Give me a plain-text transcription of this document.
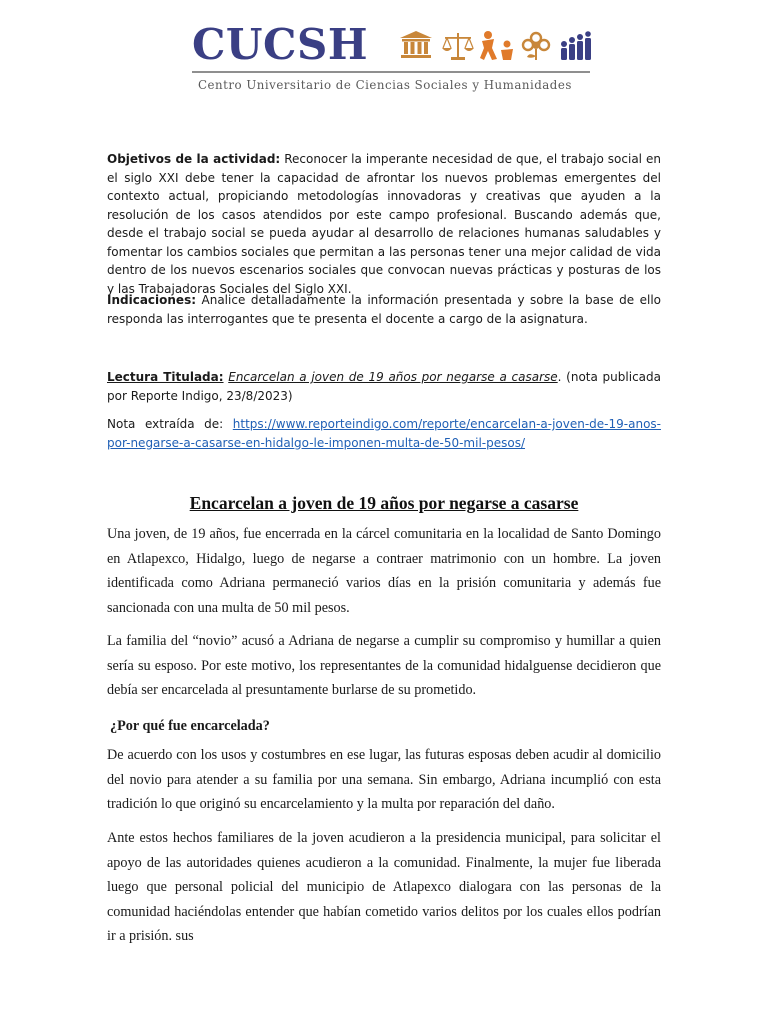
CUCSH
Centro Universitario de Ciencias Sociales y Humanidades

Objetivos de la actividad: Reconocer la imperante necesidad de que, el trabajo social en el siglo XXI debe tener la capacidad de afrontar los nuevos problemas emergentes del contexto actual, propiciando metodologías innovadoras y creativas que ayuden a la resolución de los casos atendidos por este campo profesional. Buscando además que, desde el trabajo social se pueda ayudar al desarrollo de relaciones humanas saludables y fomentar los cambios sociales que permitan a las personas tener una mejor calidad de vida dentro de los nuevos escenarios sociales que convocan nuevas prácticas y posturas de los y las Trabajadoras Sociales del Siglo XXI.

Indicaciones: Analice detalladamente la información presentada y sobre la base de ello responda las interrogantes que te presenta el docente a cargo de la asignatura.

Lectura Titulada: Encarcelan a joven de 19 años por negarse a casarse. (nota publicada por Reporte Indigo, 23/8/2023)

Nota extraída de: https://www.reporteindigo.com/reporte/encarcelan-a-joven-de-19-anos-por-negarse-a-casarse-en-hidalgo-le-imponen-multa-de-50-mil-pesos/

Encarcelan a joven de 19 años por negarse a casarse

Una joven, de 19 años, fue encerrada en la cárcel comunitaria en la localidad de Santo Domingo en Atlapexco, Hidalgo, luego de negarse a contraer matrimonio con un hombre. La joven identificada como Adriana permaneció varios días en la prisión comunitaria y además fue sancionada con una multa de 50 mil pesos.

La familia del “novio” acusó a Adriana de negarse a cumplir su compromiso y humillar a quien sería su esposo. Por este motivo, los representantes de la comunidad hidalguense decidieron que debía ser encarcelada al presuntamente burlarse de su prometido.

¿Por qué fue encarcelada?

De acuerdo con los usos y costumbres en ese lugar, las futuras esposas deben acudir al domicilio del novio para atender a su familia por una semana. Sin embargo, Adriana incumplió con esta tradición lo que originó su encarcelamiento y la multa por reparación del daño.

Ante estos hechos familiares de la joven acudieron a la presidencia municipal, para solicitar el apoyo de las autoridades quienes acudieron a la comunidad. Finalmente, la mujer fue liberada luego que personal policial del municipio de Atlapexco dialogara con las personas de la comunidad haciéndolas entender que habían cometido varios delitos por los cuales ellos podrían ir a prisión. sus
